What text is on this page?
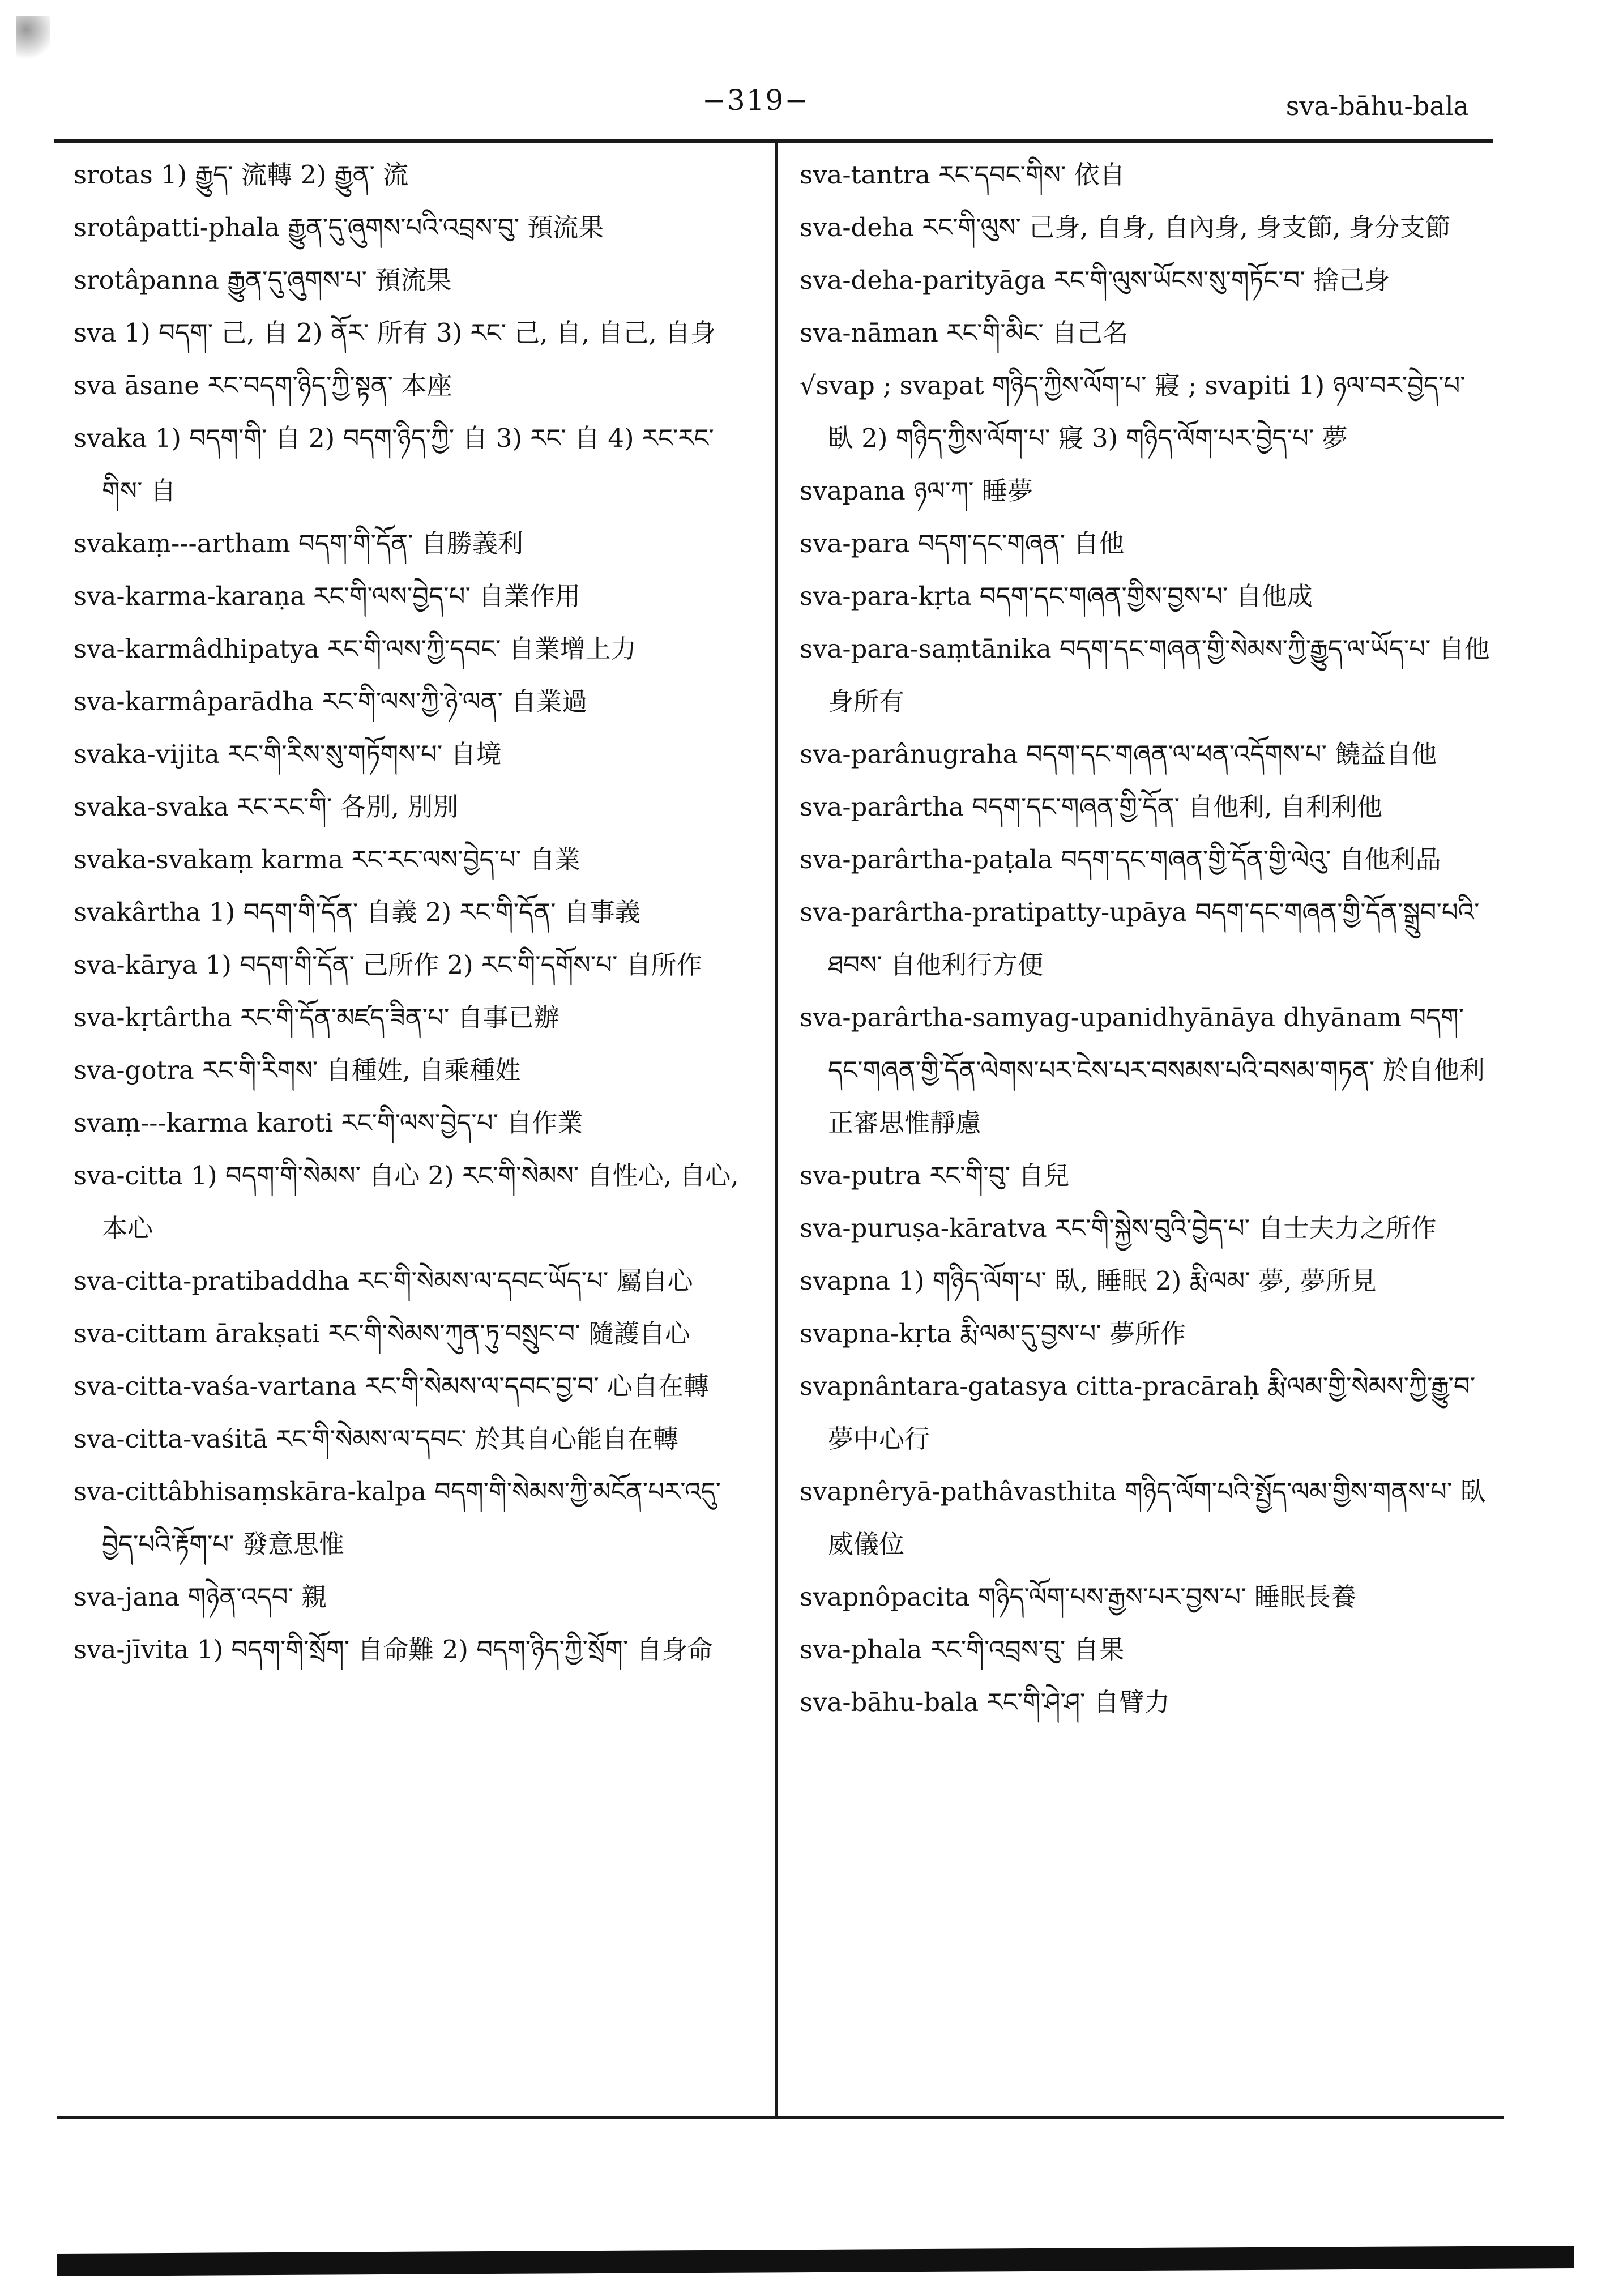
−319−	sva-bāhu-bala

srotas 1) རྒྱུད་ 流轉 2) རྒྱུན་ 流

srotâpatti-phala རྒྱུན་དུ་ཞུགས་པའི་འབྲས་བུ་ 預流果

srotâpanna རྒྱུན་དུ་ཞུགས་པ་ 預流果

sva 1) བདག་ 己, 自 2) ནོར་ 所有 3) རང་ 己, 自, 自己, 自身

sva āsane རང་བདག་ཉིད་ཀྱི་སྟན་ 本座

svaka 1) བདག་གི་ 自 2) བདག་ཉིད་ཀྱི་ 自 3) རང་ 自 4) རང་རང་གིས་ 自

svakaṃ---artham བདག་གི་དོན་ 自勝義利

sva-karma-karaṇa རང་གི་ལས་བྱེད་པ་ 自業作用

sva-karmâdhipatya རང་གི་ལས་ཀྱི་དབང་ 自業增上力

sva-karmâparādha རང་གི་ལས་ཀྱི་ཉེ་ལན་ 自業過

svaka-vijita རང་གི་རིས་སུ་གཏོགས་པ་ 自境

svaka-svaka རང་རང་གི་ 各別, 別別

svaka-svakaṃ karma རང་རང་ལས་བྱེད་པ་ 自業

svakârtha 1) བདག་གི་དོན་ 自義 2) རང་གི་དོན་ 自事義

sva-kārya 1) བདག་གི་དོན་ 己所作 2) རང་གི་དགོས་པ་ 自所作

sva-kṛtârtha རང་གི་དོན་མཛད་ཟིན་པ་ 自事已辦

sva-gotra རང་གི་རིགས་ 自種姓, 自乘種姓

svaṃ---karma karoti རང་གི་ལས་བྱེད་པ་ 自作業

sva-citta 1) བདག་གི་སེམས་ 自心 2) རང་གི་སེམས་ 自性心, 自心, 本心

sva-citta-pratibaddha རང་གི་སེམས་ལ་དབང་ཡོད་པ་ 屬自心

sva-cittam ārakṣati རང་གི་སེམས་ཀུན་ཏུ་བསྲུང་བ་ 隨護自心

sva-citta-vaśa-vartana རང་གི་སེམས་ལ་དབང་བྱ་བ་ 心自在轉

sva-citta-vaśitā རང་གི་སེམས་ལ་དབང་ 於其自心能自在轉

sva-cittâbhisaṃskāra-kalpa བདག་གི་སེམས་ཀྱི་མངོན་པར་འདུ་བྱེད་པའི་རྟོག་པ་ 發意思惟

sva-jana གཉེན་འདབ་ 親

sva-jīvita 1) བདག་གི་སྲོག་ 自命難 2) བདག་ཉིད་ཀྱི་སྲོག་ 自身命

sva-tantra རང་དབང་གིས་ 依自

sva-deha རང་གི་ལུས་ 己身, 自身, 自內身, 身支節, 身分支節

sva-deha-parityāga རང་གི་ལུས་ཡོངས་སུ་གཏོང་བ་ 捨己身

sva-nāman རང་གི་མིང་ 自己名

√svap ; svapat གཉིད་ཀྱིས་ལོག་པ་ 寢 ; svapiti 1) ཉལ་བར་བྱེད་པ་ 臥 2) གཉིད་ཀྱིས་ལོག་པ་ 寢 3) གཉིད་ལོག་པར་བྱེད་པ་ 夢

svapana ཉལ་ཀ་ 睡夢

sva-para བདག་དང་གཞན་ 自他

sva-para-kṛta བདག་དང་གཞན་གྱིས་བྱས་པ་ 自他成

sva-para-saṃtānika བདག་དང་གཞན་གྱི་སེམས་ཀྱི་རྒྱུད་ལ་ཡོད་པ་ 自他身所有

sva-parânugraha བདག་དང་གཞན་ལ་ཕན་འདོགས་པ་ 饒益自他

sva-parârtha བདག་དང་གཞན་གྱི་དོན་ 自他利, 自利利他

sva-parârtha-paṭala བདག་དང་གཞན་གྱི་དོན་གྱི་ལེའུ་ 自他利品

sva-parârtha-pratipatty-upāya བདག་དང་གཞན་གྱི་དོན་སྒྲུབ་པའི་ཐབས་ 自他利行方便

sva-parârtha-samyag-upanidhyānāya dhyānam བདག་དང་གཞན་གྱི་དོན་ལེགས་པར་ངེས་པར་བསམས་པའི་བསམ་གཏན་ 於自他利正審思惟靜慮

sva-putra རང་གི་བུ་ 自兒

sva-puruṣa-kāratva རང་གི་སྐྱེས་བུའི་བྱེད་པ་ 自士夫力之所作

svapna 1) གཉིད་ལོག་པ་ 臥, 睡眠 2) རྨི་ལམ་ 夢, 夢所見

svapna-kṛta རྨི་ལམ་དུ་བྱས་པ་ 夢所作

svapnântara-gatasya citta-pracāraḥ རྨི་ལམ་གྱི་སེམས་ཀྱི་རྒྱུ་བ་ 夢中心行

svapnêryā-pathâvasthita གཉིད་ལོག་པའི་སྤྱོད་ལམ་གྱིས་གནས་པ་ 臥威儀位

svapnôpacita གཉིད་ལོག་པས་རྒྱས་པར་བྱས་པ་ 睡眠長養

sva-phala རང་གི་འབྲས་བུ་ 自果

sva-bāhu-bala རང་གི་ཤེ་ཤ་ 自臂力
